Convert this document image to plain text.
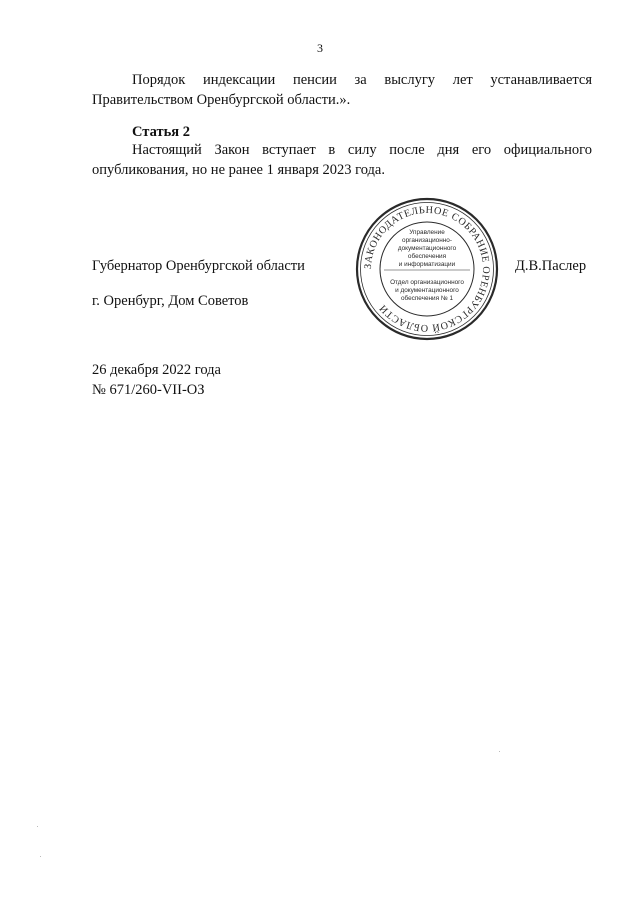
3

Порядок индексации пенсии за выслугу лет устанавливается Правительством Оренбургской области.».

Статья 2

Настоящий Закон вступает в силу после дня его официального опубликования, но не ранее 1 января 2023 года.

Губернатор Оренбургской области	Д.В.Паслер
г. Оренбург, Дом Советов
ЗАКОНОДАТЕЛЬНОЕ СОБРАНИЕ ОРЕНБУРГСКОЙ ОБЛАСТИ
Управление
организационно-
документационного
обеспечения
и информатизации
Отдел организационного
и документационного
обеспечения № 1
26 декабря 2022 года
№ 671/260-VII-ОЗ
